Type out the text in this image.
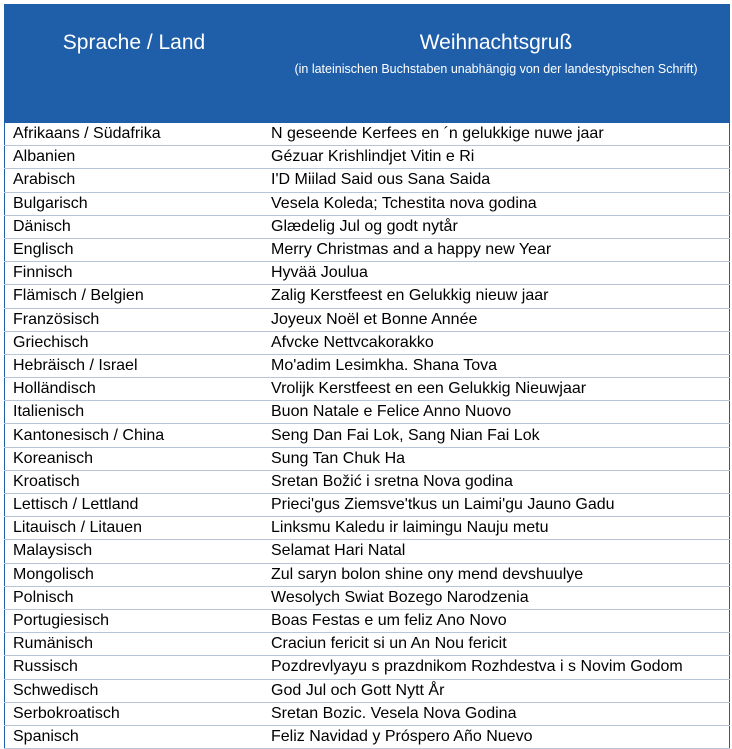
Sprache / Land	Weihnachtsgruß
(in lateinischen Buchstaben unabhängig von der landestypischen Schrift)

Afrikaans / Südafrika	N geseende Kerfees en ´n gelukkige nuwe jaar
Albanien	Gézuar Krishlindjet Vitin e Ri
Arabisch	I'D Miilad Said ous Sana Saida
Bulgarisch	Vesela Koleda; Tchestita nova godina
Dänisch	Glædelig Jul og godt nytår
Englisch	Merry Christmas and a happy new Year
Finnisch	Hyvää Joulua
Flämisch / Belgien	Zalig Kerstfeest en Gelukkig nieuw jaar
Französisch	Joyeux Noël et Bonne Année
Griechisch	Afvcke Nettvcakorakko
Hebräisch / Israel	Mo'adim Lesimkha. Shana Tova
Holländisch	Vrolijk Kerstfeest en een Gelukkig Nieuwjaar
Italienisch	Buon Natale e Felice Anno Nuovo
Kantonesisch / China	Seng Dan Fai Lok, Sang Nian Fai Lok
Koreanisch	Sung Tan Chuk Ha
Kroatisch	Sretan Božić i sretna Nova godina
Lettisch / Lettland	Prieci'gus Ziemsve'tkus un Laimi'gu Jauno Gadu
Litauisch / Litauen	Linksmu Kaledu ir laimingu Nauju metu
Malaysisch	Selamat Hari Natal
Mongolisch	Zul saryn bolon shine ony mend devshuulye
Polnisch	Wesolych Swiat Bozego Narodzenia
Portugiesisch	Boas Festas e um feliz Ano Novo
Rumänisch	Craciun fericit si un An Nou fericit
Russisch	Pozdrevlyayu s prazdnikom Rozhdestva i s Novim Godom
Schwedisch	God Jul och Gott Nytt År
Serbokroatisch	Sretan Bozic. Vesela Nova Godina
Spanisch	Feliz Navidad y Próspero Año Nuevo
